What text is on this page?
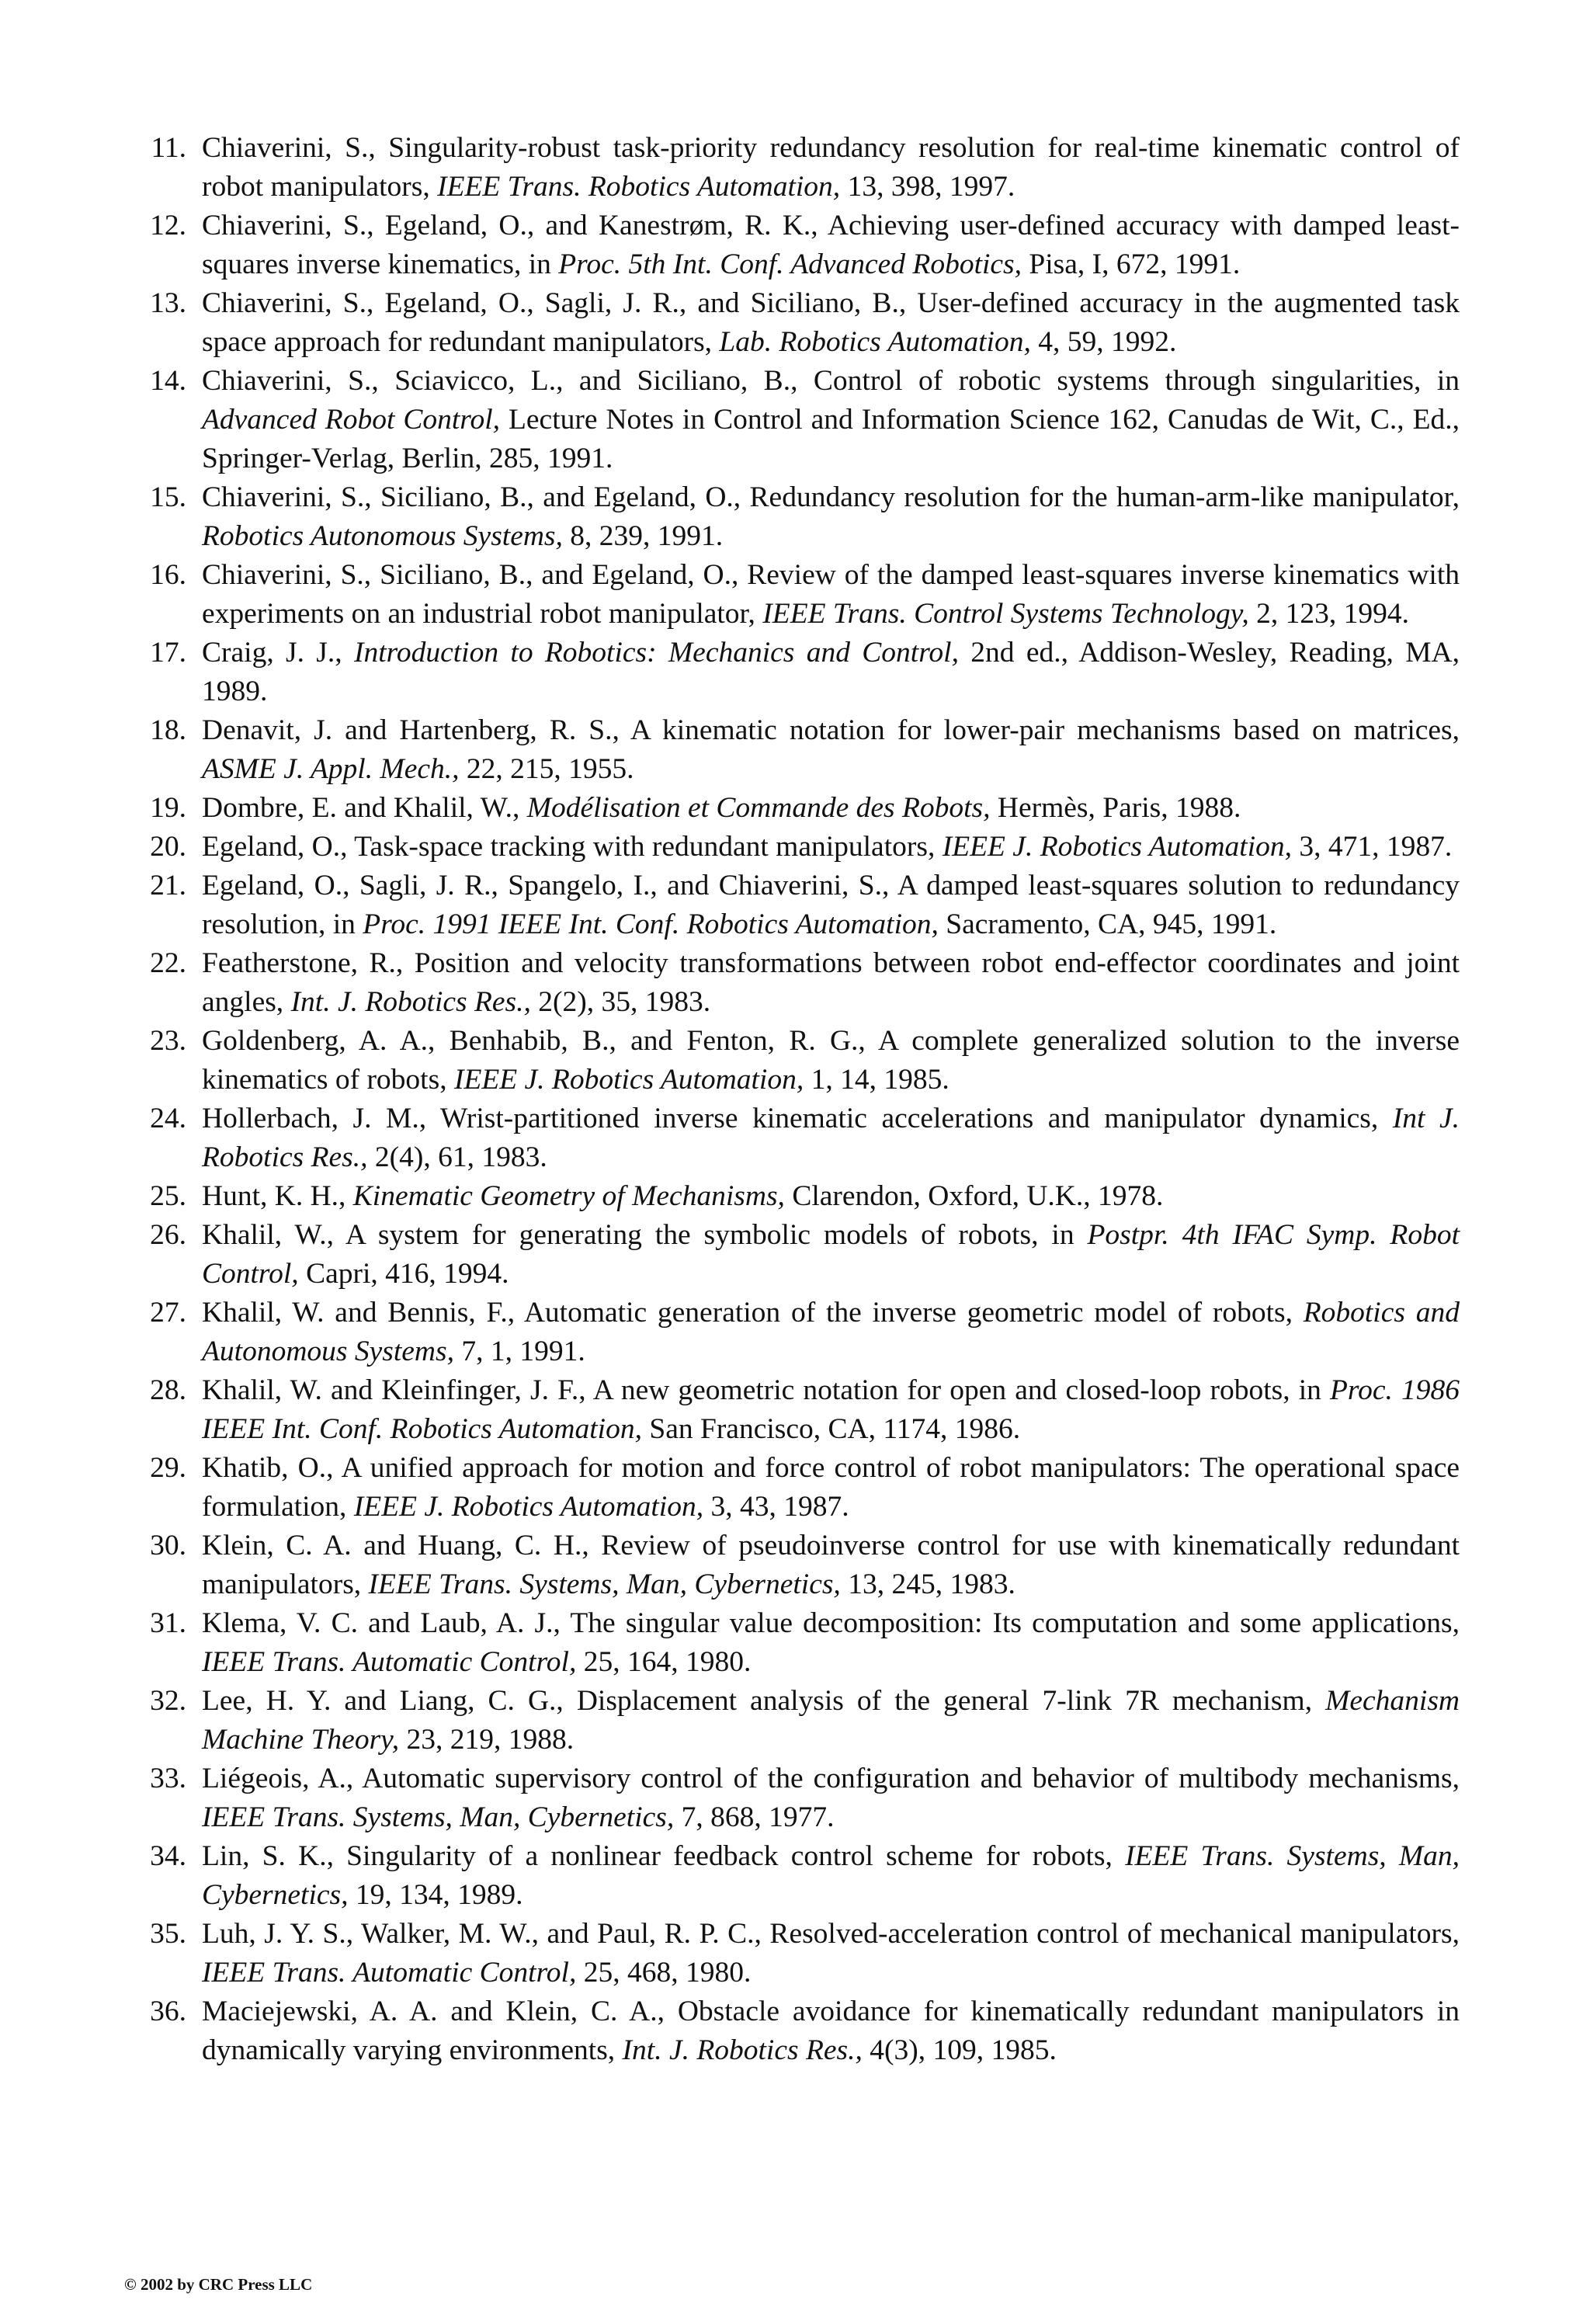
11. Chiaverini, S., Singularity-robust task-priority redundancy resolution for real-time kinematic control of robot manipulators, IEEE Trans. Robotics Automation, 13, 398, 1997.
12. Chiaverini, S., Egeland, O., and Kanestrøm, R. K., Achieving user-defined accuracy with damped least-squares inverse kinematics, in Proc. 5th Int. Conf. Advanced Robotics, Pisa, I, 672, 1991.
13. Chiaverini, S., Egeland, O., Sagli, J. R., and Siciliano, B., User-defined accuracy in the augmented task space approach for redundant manipulators, Lab. Robotics Automation, 4, 59, 1992.
14. Chiaverini, S., Sciavicco, L., and Siciliano, B., Control of robotic systems through singularities, in Advanced Robot Control, Lecture Notes in Control and Information Science 162, Canudas de Wit, C., Ed., Springer-Verlag, Berlin, 285, 1991.
15. Chiaverini, S., Siciliano, B., and Egeland, O., Redundancy resolution for the human-arm-like manipulator, Robotics Autonomous Systems, 8, 239, 1991.
16. Chiaverini, S., Siciliano, B., and Egeland, O., Review of the damped least-squares inverse kinematics with experiments on an industrial robot manipulator, IEEE Trans. Control Systems Technology, 2, 123, 1994.
17. Craig, J. J., Introduction to Robotics: Mechanics and Control, 2nd ed., Addison-Wesley, Reading, MA, 1989.
18. Denavit, J. and Hartenberg, R. S., A kinematic notation for lower-pair mechanisms based on matrices, ASME J. Appl. Mech., 22, 215, 1955.
19. Dombre, E. and Khalil, W., Modélisation et Commande des Robots, Hermès, Paris, 1988.
20. Egeland, O., Task-space tracking with redundant manipulators, IEEE J. Robotics Automation, 3, 471, 1987.
21. Egeland, O., Sagli, J. R., Spangelo, I., and Chiaverini, S., A damped least-squares solution to redundancy resolution, in Proc. 1991 IEEE Int. Conf. Robotics Automation, Sacramento, CA, 945, 1991.
22. Featherstone, R., Position and velocity transformations between robot end-effector coordinates and joint angles, Int. J. Robotics Res., 2(2), 35, 1983.
23. Goldenberg, A. A., Benhabib, B., and Fenton, R. G., A complete generalized solution to the inverse kinematics of robots, IEEE J. Robotics Automation, 1, 14, 1985.
24. Hollerbach, J. M., Wrist-partitioned inverse kinematic accelerations and manipulator dynamics, Int J. Robotics Res., 2(4), 61, 1983.
25. Hunt, K. H., Kinematic Geometry of Mechanisms, Clarendon, Oxford, U.K., 1978.
26. Khalil, W., A system for generating the symbolic models of robots, in Postpr. 4th IFAC Symp. Robot Control, Capri, 416, 1994.
27. Khalil, W. and Bennis, F., Automatic generation of the inverse geometric model of robots, Robotics and Autonomous Systems, 7, 1, 1991.
28. Khalil, W. and Kleinfinger, J. F., A new geometric notation for open and closed-loop robots, in Proc. 1986 IEEE Int. Conf. Robotics Automation, San Francisco, CA, 1174, 1986.
29. Khatib, O., A unified approach for motion and force control of robot manipulators: The operational space formulation, IEEE J. Robotics Automation, 3, 43, 1987.
30. Klein, C. A. and Huang, C. H., Review of pseudoinverse control for use with kinematically redundant manipulators, IEEE Trans. Systems, Man, Cybernetics, 13, 245, 1983.
31. Klema, V. C. and Laub, A. J., The singular value decomposition: Its computation and some applications, IEEE Trans. Automatic Control, 25, 164, 1980.
32. Lee, H. Y. and Liang, C. G., Displacement analysis of the general 7-link 7R mechanism, Mechanism Machine Theory, 23, 219, 1988.
33. Liégeois, A., Automatic supervisory control of the configuration and behavior of multibody mechanisms, IEEE Trans. Systems, Man, Cybernetics, 7, 868, 1977.
34. Lin, S. K., Singularity of a nonlinear feedback control scheme for robots, IEEE Trans. Systems, Man, Cybernetics, 19, 134, 1989.
35. Luh, J. Y. S., Walker, M. W., and Paul, R. P. C., Resolved-acceleration control of mechanical manipulators, IEEE Trans. Automatic Control, 25, 468, 1980.
36. Maciejewski, A. A. and Klein, C. A., Obstacle avoidance for kinematically redundant manipulators in dynamically varying environments, Int. J. Robotics Res., 4(3), 109, 1985.
© 2002 by CRC Press LLC
